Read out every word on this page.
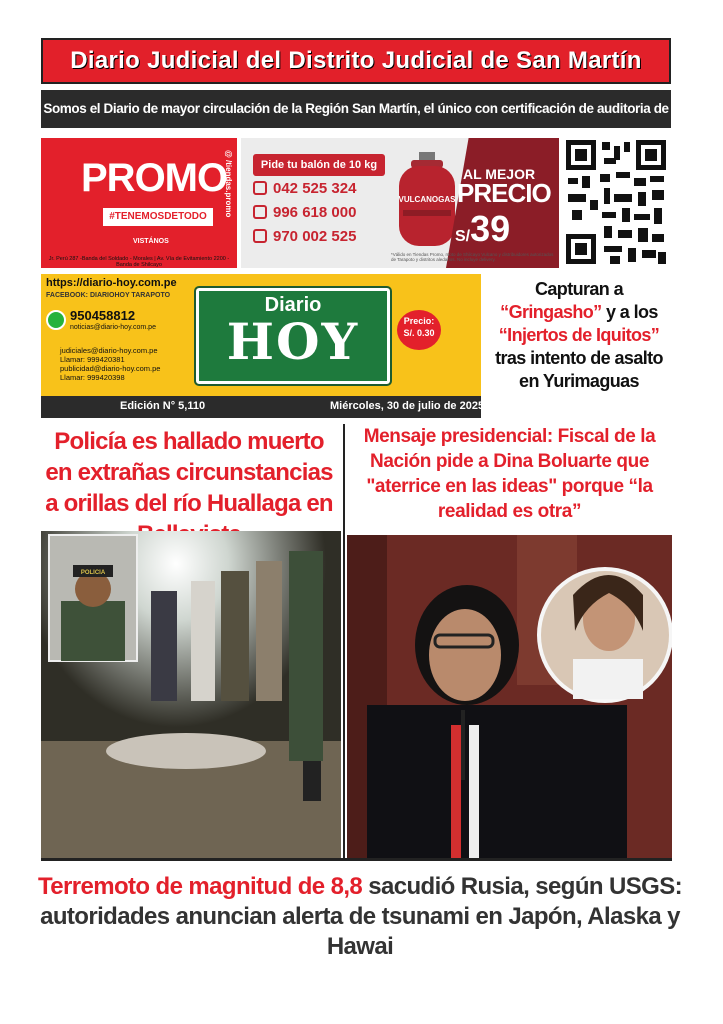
Diario Judicial del Distrito Judicial de San Martín
Somos el Diario de mayor circulación de la Región San Martín, el único con certificación de auditoria de
PROMO
#TENEMOSDETODO
VISTÁNOS
@ /tiendas.promo
Jr. Perú 287 -Banda del Soldado - Morales | Av. Vía de Evitamiento 2200 - Banda de Shilcayo
Pide tu balón de 10 kg
042 525 324
996 618 000
970 002 525
VULCANOGAS
AL MEJOR
PRECIO
S/39
*Válido en Tiendas Promo, moto de Shilcayo Vulcano y distribuidores autorizados de Tarapoto y distritos aledaños. No incluye delivery.
https://diario-hoy.com.pe
FACEBOOK: DIARIOHOY TARAPOTO
950458812
noticias@diario-hoy.com.pe
judiciales@diario-hoy.com.pe
Llamar: 999420381
publicidad@diario-hoy.com.pe
Llamar: 999420398
Diario
HOY	Precio:
S/. 0.30
Edición N° 5,110	Miércoles, 30 de julio de 2025
Capturan a “Gringasho” y a los “Injertos de Iquitos” tras intento de asalto en Yurimaguas
Policía es hallado muerto en extrañas circunstancias a orillas del río Huallaga en
Mensaje presidencial: Fiscal de la Nación pide a Dina Boluarte que "aterrice en las ideas" porque “la realidad es otra”
POLICIA
Terremoto de magnitud de 8,8 sacudió Rusia, según USGS: autoridades anuncian alerta de tsunami en Japón, Alaska y Hawai
